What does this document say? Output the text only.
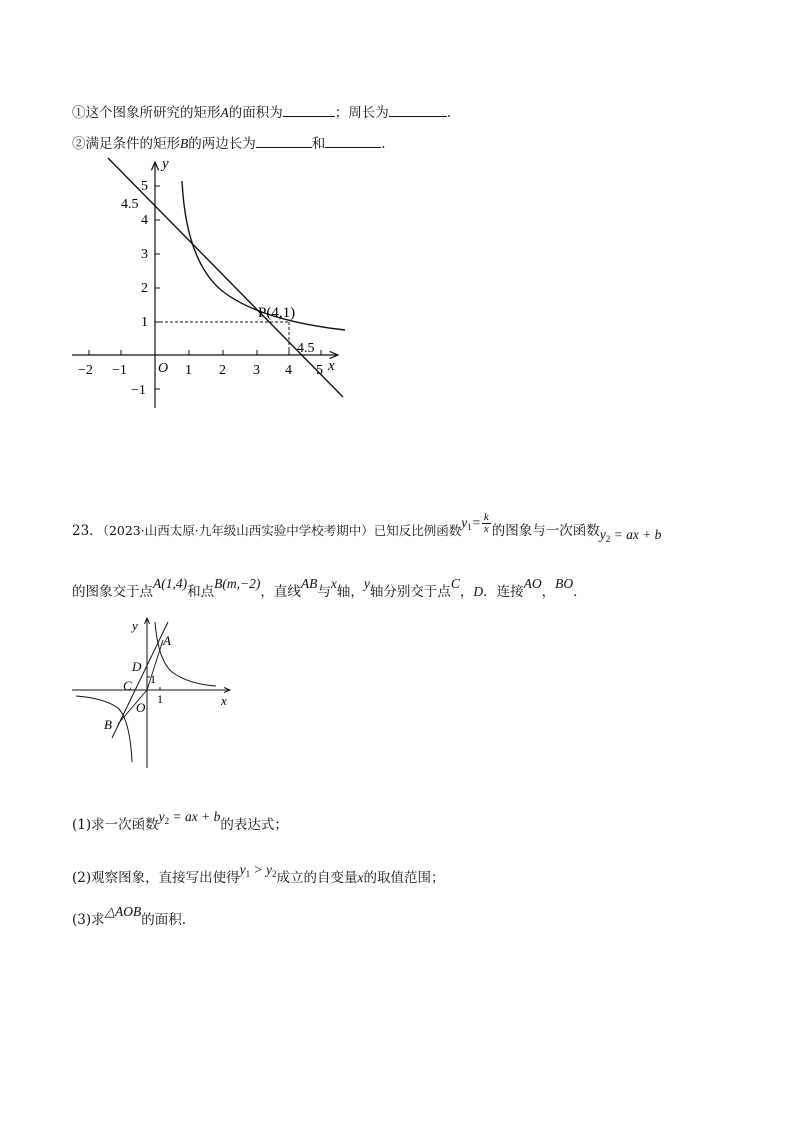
①这个图象所研究的矩形A的面积为	；周长为	.
②满足条件的矩形B的两边长为	和	.
y
x
O
5
4
3
2
1
−1
4.5
−2 −1	1 2 3 4 5
4.5
P(4,1)
23．（2023·山西太原·九年级山西实验中学校考期中）已知反比例函数$y_1= \frac{k}{x}$ 的图象与一次函数$y_2$ = ax + b
的图象交于点A(1,4)和点B(m,−2)，直线AB与x轴，y轴分别交于点C，D．连接AO，BO．
y
x
A
B
C
D
O
1
1
(1)求一次函数$y_2$ = ax + b的表达式；
(2)观察图象，直接写出使得$y_1 > y_2$成立的自变量x的取值范围；
(3)求△AOB的面积.
